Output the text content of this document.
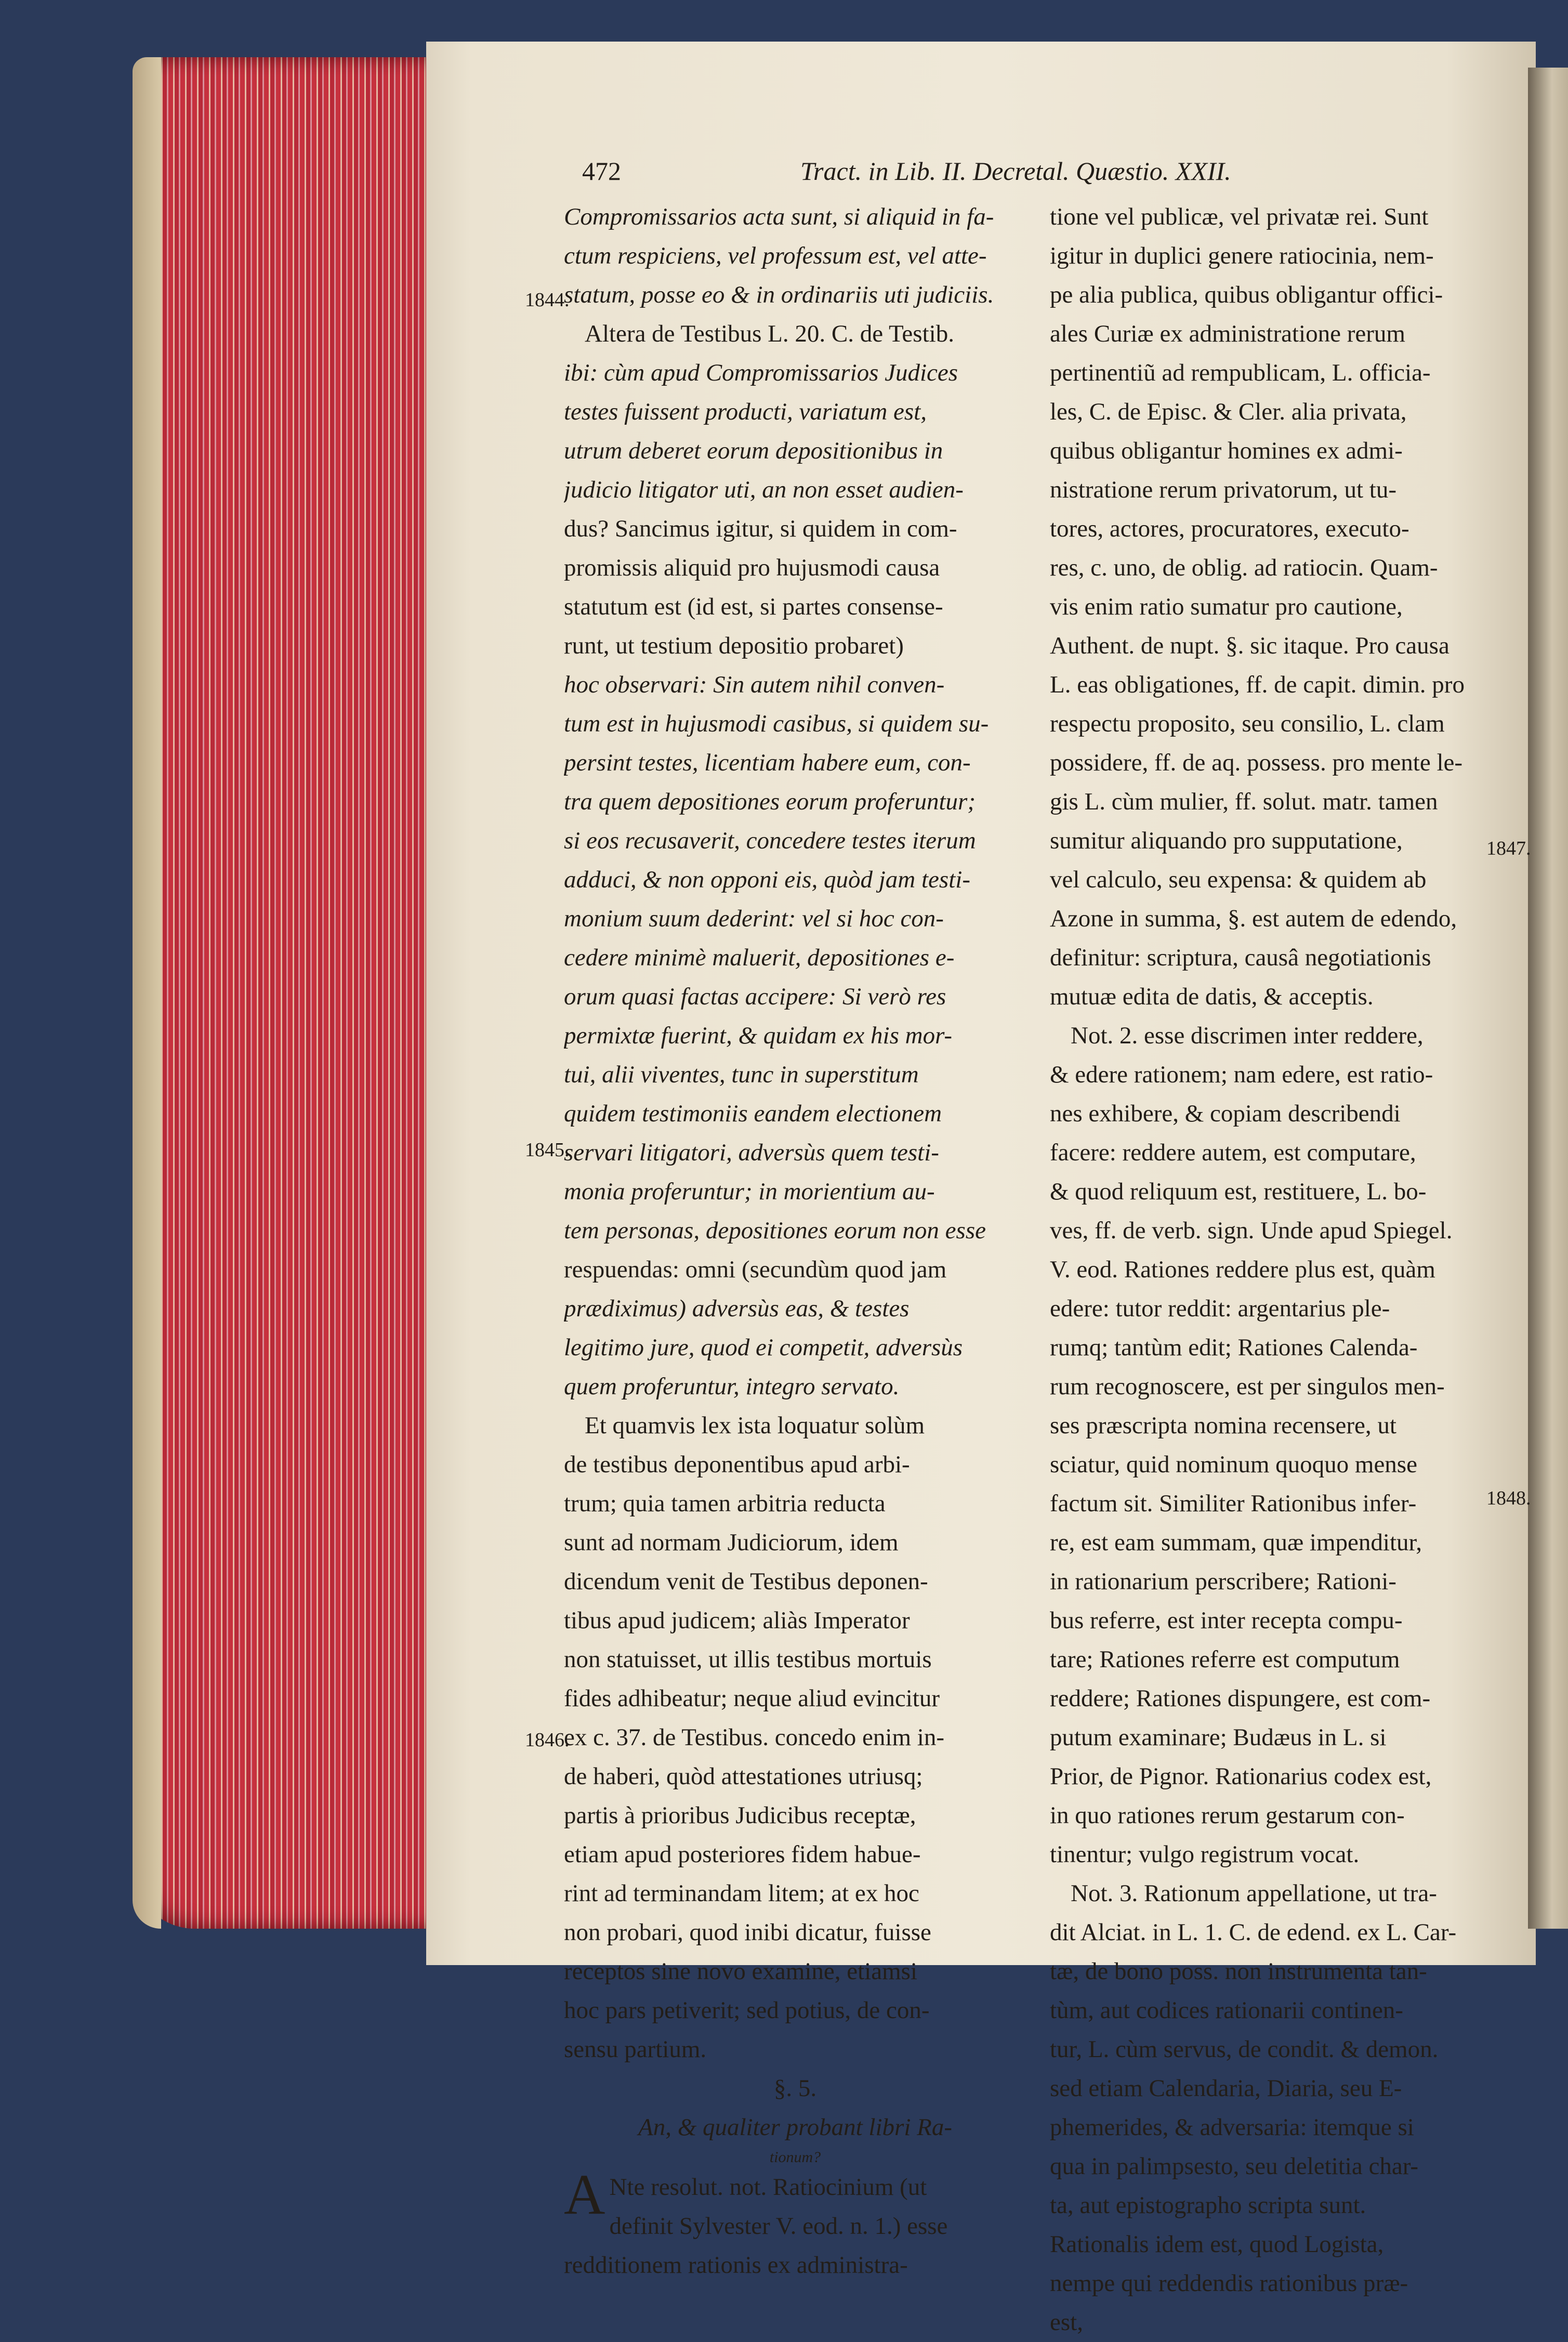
472	Tract. in Lib. II. Decretal. Quæstio. XXII.
1844.
1845.
1846.
1847.
1848.
Compromissarios acta sunt, si aliquid in fa-
ctum respiciens, vel professum est, vel atte-
statum, posse eo & in ordinariis uti judiciis.
Altera de Testibus L. 20. C. de Testib.
ibi: cùm apud Compromissarios Judices
testes fuissent producti, variatum est,
utrum deberet eorum depositionibus in
judicio litigator uti, an non esset audien-
dus? Sancimus igitur, si quidem in com-
promissis aliquid pro hujusmodi causa
statutum est (id est, si partes consense-
runt, ut testium depositio probaret)
hoc observari: Sin autem nihil conven-
tum est in hujusmodi casibus, si quidem su-
persint testes, licentiam habere eum, con-
tra quem depositiones eorum proferuntur;
si eos recusaverit, concedere testes iterum
adduci, & non opponi eis, quòd jam testi-
monium suum dederint: vel si hoc con-
cedere minimè maluerit, depositiones e-
orum quasi factas accipere: Si verò res
permixtæ fuerint, & quidam ex his mor-
tui, alii viventes, tunc in superstitum
quidem testimoniis eandem electionem
servari litigatori, adversùs quem testi-
monia proferuntur; in morientium au-
tem personas, depositiones eorum non esse
respuendas: omni (secundùm quod jam
prædiximus) adversùs eas, & testes
legitimo jure, quod ei competit, adversùs
quem proferuntur, integro servato.
Et quamvis lex ista loquatur solùm
de testibus deponentibus apud arbi-
trum; quia tamen arbitria reducta
sunt ad normam Judiciorum, idem
dicendum venit de Testibus deponen-
tibus apud judicem; aliàs Imperator
non statuisset, ut illis testibus mortuis
fides adhibeatur; neque aliud evincitur
ex c. 37. de Testibus. concedo enim in-
de haberi, quòd attestationes utriusq;
partis à prioribus Judicibus receptæ,
etiam apud posteriores fidem habue-
rint ad terminandam litem; at ex hoc
non probari, quod inibi dicatur, fuisse
receptos sine novo examine, etiamsi
hoc pars petiverit; sed potius, de con-
sensu partium.
§. 5.
An, & qualiter probant libri Ra-
tionum?
A Nte resolut. not. Ratiocinium (ut
definit Sylvester V. eod. n. 1.) esse
redditionem rationis ex administra-
tione vel publicæ, vel privatæ rei. Sunt
igitur in duplici genere ratiocinia, nem-
pe alia publica, quibus obligantur offici-
ales Curiæ ex administratione rerum
pertinentiũ ad rempublicam, L. officia-
les, C. de Episc. & Cler. alia privata,
quibus obligantur homines ex admi-
nistratione rerum privatorum, ut tu-
tores, actores, procuratores, executo-
res, c. uno, de oblig. ad ratiocin. Quam-
vis enim ratio sumatur pro cautione,
Authent. de nupt. §. sic itaque. Pro causa
L. eas obligationes, ff. de capit. dimin. pro
respectu proposito, seu consilio, L. clam
possidere, ff. de aq. possess. pro mente le-
gis L. cùm mulier, ff. solut. matr. tamen
sumitur aliquando pro supputatione,
vel calculo, seu expensa: & quidem ab
Azone in summa, §. est autem de edendo,
definitur: scriptura, causâ negotiationis
mutuæ edita de datis, & acceptis.
Not. 2. esse discrimen inter reddere,
& edere rationem; nam edere, est ratio-
nes exhibere, & copiam describendi
facere: reddere autem, est computare,
& quod reliquum est, restituere, L. bo-
ves, ff. de verb. sign. Unde apud Spiegel.
V. eod. Rationes reddere plus est, quàm
edere: tutor reddit: argentarius ple-
rumq; tantùm edit; Rationes Calenda-
rum recognoscere, est per singulos men-
ses præscripta nomina recensere, ut
sciatur, quid nominum quoquo mense
factum sit. Similiter Rationibus infer-
re, est eam summam, quæ impenditur,
in rationarium perscribere; Rationi-
bus referre, est inter recepta compu-
tare; Rationes referre est computum
reddere; Rationes dispungere, est com-
putum examinare; Budæus in L. si
Prior, de Pignor. Rationarius codex est,
in quo rationes rerum gestarum con-
tinentur; vulgo registrum vocat.
Not. 3. Rationum appellatione, ut tra-
dit Alciat. in L. 1. C. de edend. ex L. Car-
tæ, de bono poss. non instrumenta tan-
tùm, aut codices rationarii continen-
tur, L. cùm servus, de condit. & demon.
sed etiam Calendaria, Diaria, seu E-
phemerides, & adversaria: itemque si
qua in palimpsesto, seu deletitia char-
ta, aut epistographo scripta sunt.
Rationalis idem est, quod Logista,
nempe qui reddendis rationibus præ-
est,
